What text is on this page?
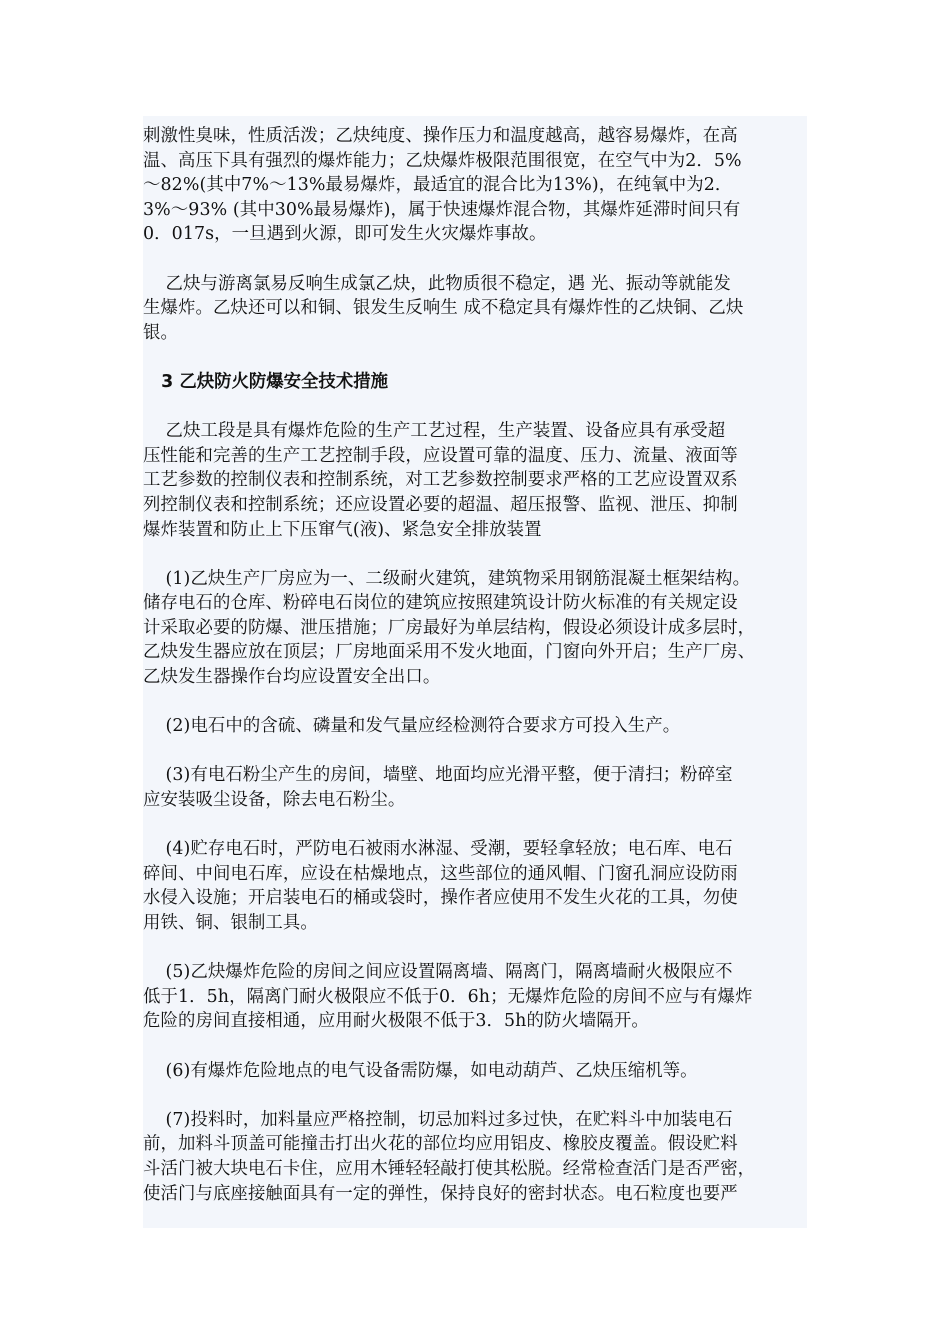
刺激性臭味，性质活泼；乙炔纯度、操作压力和温度越高，越容易爆炸，在高
温、高压下具有强烈的爆炸能力；乙炔爆炸极限范围很宽，在空气中为2．5%
～82%(其中7%～13%最易爆炸，最适宜的混合比为13%)，在纯氧中为2．
3%～93% (其中30%最易爆炸)，属于快速爆炸混合物，其爆炸延滞时间只有
0．017s，一旦遇到火源，即可发生火灾爆炸事故。
乙炔与游离氯易反响生成氯乙炔，此物质很不稳定，遇 光、振动等就能发
生爆炸。乙炔还可以和铜、银发生反响生 成不稳定具有爆炸性的乙炔铜、乙炔
银。
3 乙炔防火防爆安全技术措施
乙炔工段是具有爆炸危险的生产工艺过程，生产装置、设备应具有承受超
压性能和完善的生产工艺控制手段，应设置可靠的温度、压力、流量、液面等
工艺参数的控制仪表和控制系统，对工艺参数控制要求严格的工艺应设置双系
列控制仪表和控制系统；还应设置必要的超温、超压报警、监视、泄压、抑制
爆炸装置和防止上下压窜气(液)、紧急安全排放装置
(1)乙炔生产厂房应为一、二级耐火建筑，建筑物采用钢筋混凝土框架结构。
储存电石的仓库、粉碎电石岗位的建筑应按照建筑设计防火标准的有关规定设
计采取必要的防爆、泄压措施；厂房最好为单层结构，假设必须设计成多层时，
乙炔发生器应放在顶层；厂房地面采用不发火地面，门窗向外开启；生产厂房、
乙炔发生器操作台均应设置安全出口。
(2)电石中的含硫、磷量和发气量应经检测符合要求方可投入生产。
(3)有电石粉尘产生的房间，墙壁、地面均应光滑平整，便于清扫；粉碎室
应安装吸尘设备，除去电石粉尘。
(4)贮存电石时，严防电石被雨水淋湿、受潮，要轻拿轻放；电石库、电石
碎间、中间电石库，应设在枯燥地点，这些部位的通风帽、门窗孔洞应设防雨
水侵入设施；开启装电石的桶或袋时，操作者应使用不发生火花的工具，勿使
用铁、铜、银制工具。
(5)乙炔爆炸危险的房间之间应设置隔离墙、隔离门，隔离墙耐火极限应不
低于1．5h，隔离门耐火极限应不低于0．6h；无爆炸危险的房间不应与有爆炸
危险的房间直接相通，应用耐火极限不低于3．5h的防火墙隔开。
(6)有爆炸危险地点的电气设备需防爆，如电动葫芦、乙炔压缩机等。
(7)投料时，加料量应严格控制，切忌加料过多过快，在贮料斗中加装电石
前，加料斗顶盖可能撞击打出火花的部位均应用铝皮、橡胶皮覆盖。假设贮料
斗活门被大块电石卡住，应用木锤轻轻敲打使其松脱。经常检查活门是否严密，
使活门与底座接触面具有一定的弹性，保持良好的密封状态。电石粒度也要严
